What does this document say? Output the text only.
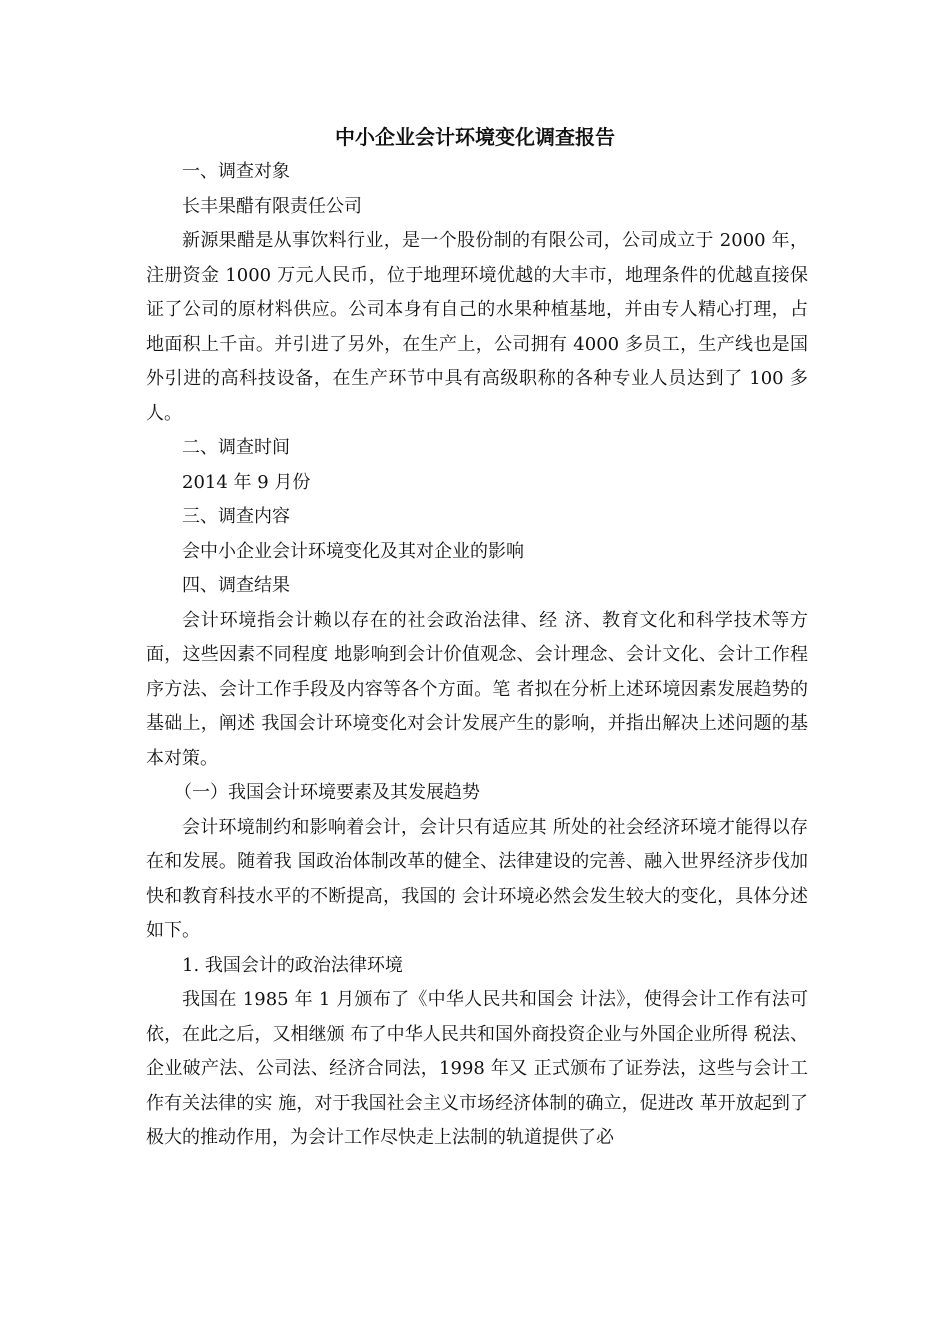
中小企业会计环境变化调查报告

一、调查对象

长丰果醋有限责任公司

新源果醋是从事饮料行业，是一个股份制的有限公司，公司成立于 2000 年，注册资金 1000 万元人民币，位于地理环境优越的大丰市，地理条件的优越直接保证了公司的原材料供应。公司本身有自己的水果种植基地，并由专人精心打理，占地面积上千亩。并引进了另外，在生产上，公司拥有 4000 多员工，生产线也是国外引进的高科技设备，在生产环节中具有高级职称的各种专业人员达到了 100 多人。

二、调查时间

2014 年 9 月份

三、调查内容

会中小企业会计环境变化及其对企业的影响

四、调查结果

会计环境指会计赖以存在的社会政治法律、经 济、教育文化和科学技术等方面，这些因素不同程度 地影响到会计价值观念、会计理念、会计文化、会计工作程序方法、会计工作手段及内容等各个方面。笔 者拟在分析上述环境因素发展趋势的基础上，阐述 我国会计环境变化对会计发展产生的影响，并指出解决上述问题的基本对策。

（一）我国会计环境要素及其发展趋势

会计环境制约和影响着会计，会计只有适应其 所处的社会经济环境才能得以存在和发展。随着我 国政治体制改革的健全、法律建设的完善、融入世界经济步伐加快和教育科技水平的不断提高，我国的 会计环境必然会发生较大的变化，具体分述如下。

1. 我国会计的政治法律环境

我国在 1985 年 1 月颁布了《中华人民共和国会 计法》，使得会计工作有法可依，在此之后，又相继颁 布了中华人民共和国外商投资企业与外国企业所得 税法、企业破产法、公司法、经济合同法，1998 年又 正式颁布了证券法，这些与会计工作有关法律的实 施，对于我国社会主义市场经济体制的确立，促进改 革开放起到了极大的推动作用，为会计工作尽快走上法制的轨道提供了必
